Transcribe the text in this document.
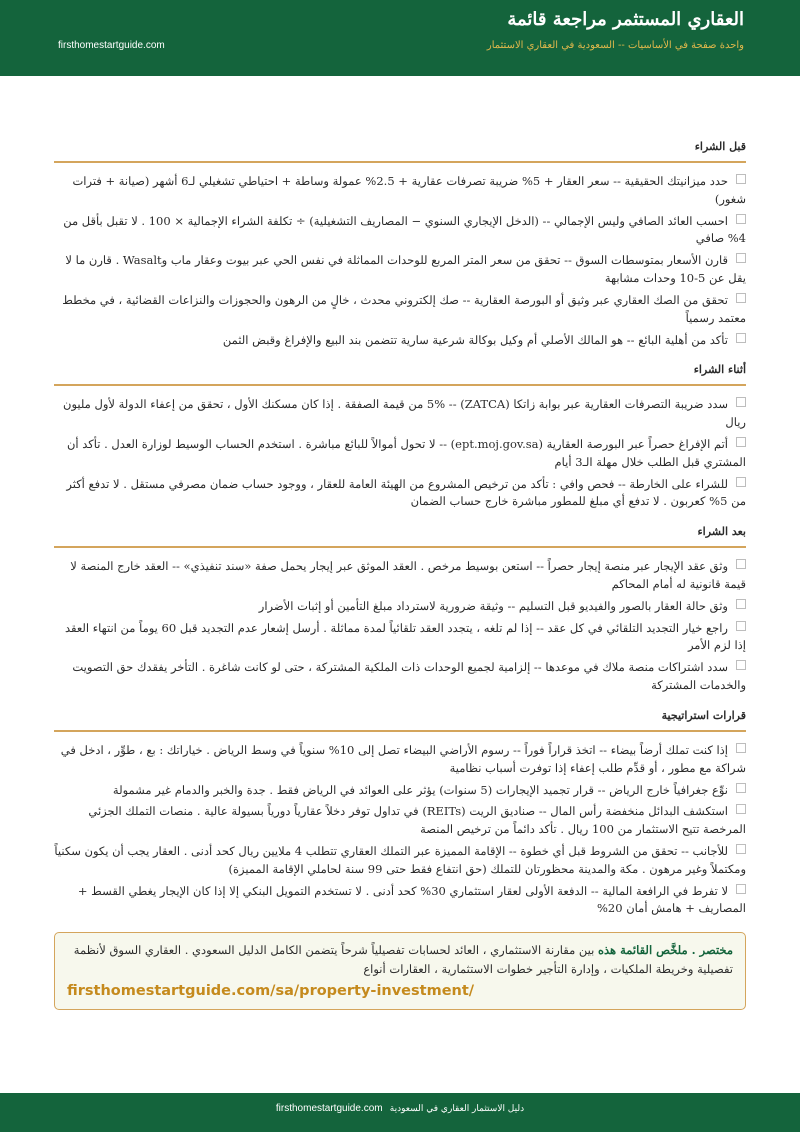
العقاري المستثمر مراجعة قائمة
واحدة صفحة في الأساسيات -- السعودية في العقاري الاستثمار
firsthomestartguide.com
قبل الشراء
حدد ميزانيتك الحقيقية -- سعر العقار + 5% ضريبة تصرفات عقارية + 2.5% عمولة وساطة + احتياطي تشغيلي لـ6 أشهر (صيانة + فترات شغور)
احسب العائد الصافي وليس الإجمالي -- (الدخل الإيجاري السنوي − المصاريف التشغيلية) ÷ تكلفة الشراء الإجمالية × 100 . لا تقبل بأقل من 4% صافي
قارن الأسعار بمتوسطات السوق -- تحقق من سعر المتر المربع للوحدات المماثلة في نفس الحي عبر بيوت وعقار ماب وWasalt . قارن ما لا يقل عن 5-10 وحدات مشابهة
تحقق من الصك العقاري عبر وثيق أو البورصة العقارية -- صك إلكتروني محدث ، خالٍ من الرهون والحجوزات والنزاعات القضائية ، في مخطط معتمد رسمياً
تأكد من أهلية البائع -- هو المالك الأصلي أم وكيل بوكالة شرعية سارية تتضمن بند البيع والإفراغ وقبض الثمن
أثناء الشراء
سدد ضريبة التصرفات العقارية عبر بوابة زاتكا (ZATCA) -- 5% من قيمة الصفقة . إذا كان مسكنك الأول ، تحقق من إعفاء الدولة لأول مليون ريال
أتم الإفراغ حصراً عبر البورصة العقارية (ept.moj.gov.sa) -- لا تحول أموالاً للبائع مباشرة . استخدم الحساب الوسيط لوزارة العدل . تأكد أن المشتري قبل الطلب خلال مهلة الـ3 أيام
للشراء على الخارطة -- فحص وافي : تأكد من ترخيص المشروع من الهيئة العامة للعقار ، ووجود حساب ضمان مصرفي مستقل . لا تدفع أكثر من 5% كعربون . لا تدفع أي مبلغ للمطور مباشرة خارج حساب الضمان
بعد الشراء
وثق عقد الإيجار عبر منصة إيجار حصراً -- استعن بوسيط مرخص . العقد الموثق عبر إيجار يحمل صفة «سند تنفيذي» -- العقد خارج المنصة لا قيمة قانونية له أمام المحاكم
وثق حالة العقار بالصور والفيديو قبل التسليم -- وثيقة ضرورية لاسترداد مبلغ التأمين أو إثبات الأضرار
راجع خيار التجديد التلقائي في كل عقد -- إذا لم تلغه ، يتجدد العقد تلقائياً لمدة مماثلة . أرسل إشعار عدم التجديد قبل 60 يوماً من انتهاء العقد إذا لزم الأمر
سدد اشتراكات منصة ملاك في موعدها -- إلزامية لجميع الوحدات ذات الملكية المشتركة ، حتى لو كانت شاغرة . التأخر يفقدك حق التصويت والخدمات المشتركة
قرارات استراتيجية
إذا كنت تملك أرضاً بيضاء -- اتخذ قراراً فوراً -- رسوم الأراضي البيضاء تصل إلى 10% سنوياً في وسط الرياض . خياراتك : بع ، طوِّر ، ادخل في شراكة مع مطور ، أو قدِّم طلب إعفاء إذا توفرت أسباب نظامية
نوِّع جغرافياً خارج الرياض -- قرار تجميد الإيجارات (5 سنوات) يؤثر على العوائد في الرياض فقط . جدة والخبر والدمام غير مشمولة
استكشف البدائل منخفضة رأس المال -- صناديق الريت (REITs) في تداول توفر دخلاً عقارياً دورياً بسيولة عالية . منصات التملك الجزئي المرخصة تتيح الاستثمار من 100 ريال . تأكد دائماً من ترخيص المنصة
للأجانب -- تحقق من الشروط قبل أي خطوة -- الإقامة المميزة عبر التملك العقاري تتطلب 4 ملايين ريال كحد أدنى . العقار يجب أن يكون سكنياً ومكتملاً وغير مرهون . مكة والمدينة محظورتان للتملك (حق انتفاع فقط حتى 99 سنة لحاملي الإقامة المميزة)
لا تفرط في الرافعة المالية -- الدفعة الأولى لعقار استثماري 30% كحد أدنى . لا تستخدم التمويل البنكي إلا إذا كان الإيجار يغطي القسط + المصاريف + هامش أمان 20%
مختصر . ملخَّص القائمة هذه بين مقارنة الاستثماري ، العائد لحسابات تفصيلياً شرحاً يتضمن الكامل الدليل السعودي . العقاري السوق لأنظمة تفصيلية وخريطة الملكيات ، وإدارة التأجير خطوات الاستثمارية ، العقارات أنواع
firsthomestartguide.com/sa/property-investment/
firsthomestartguide.com دليل الاستثمار العقاري في السعودية
